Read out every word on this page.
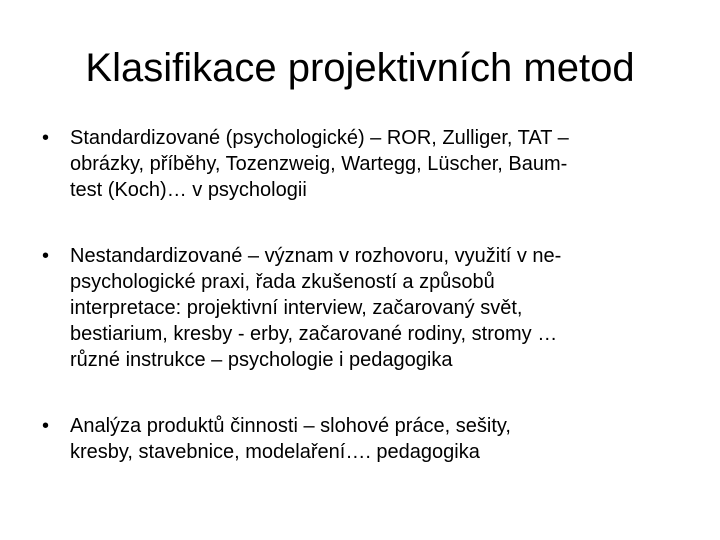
Klasifikace projektivních metod
•	Standardizované (psychologické) – ROR, Zulliger, TAT –
obrázky, příběhy, Tozenzweig, Wartegg, Lüscher, Baum-
test (Koch)… v psychologii
•	Nestandardizované – význam v rozhovoru, využití v ne-
psychologické praxi, řada zkušeností a způsobů
interpretace: projektivní interview, začarovaný svět,
bestiarium, kresby - erby, začarované rodiny, stromy …
různé instrukce – psychologie i pedagogika
•	Analýza produktů činnosti – slohové práce, sešity,
kresby, stavebnice, modelaření…. pedagogika
